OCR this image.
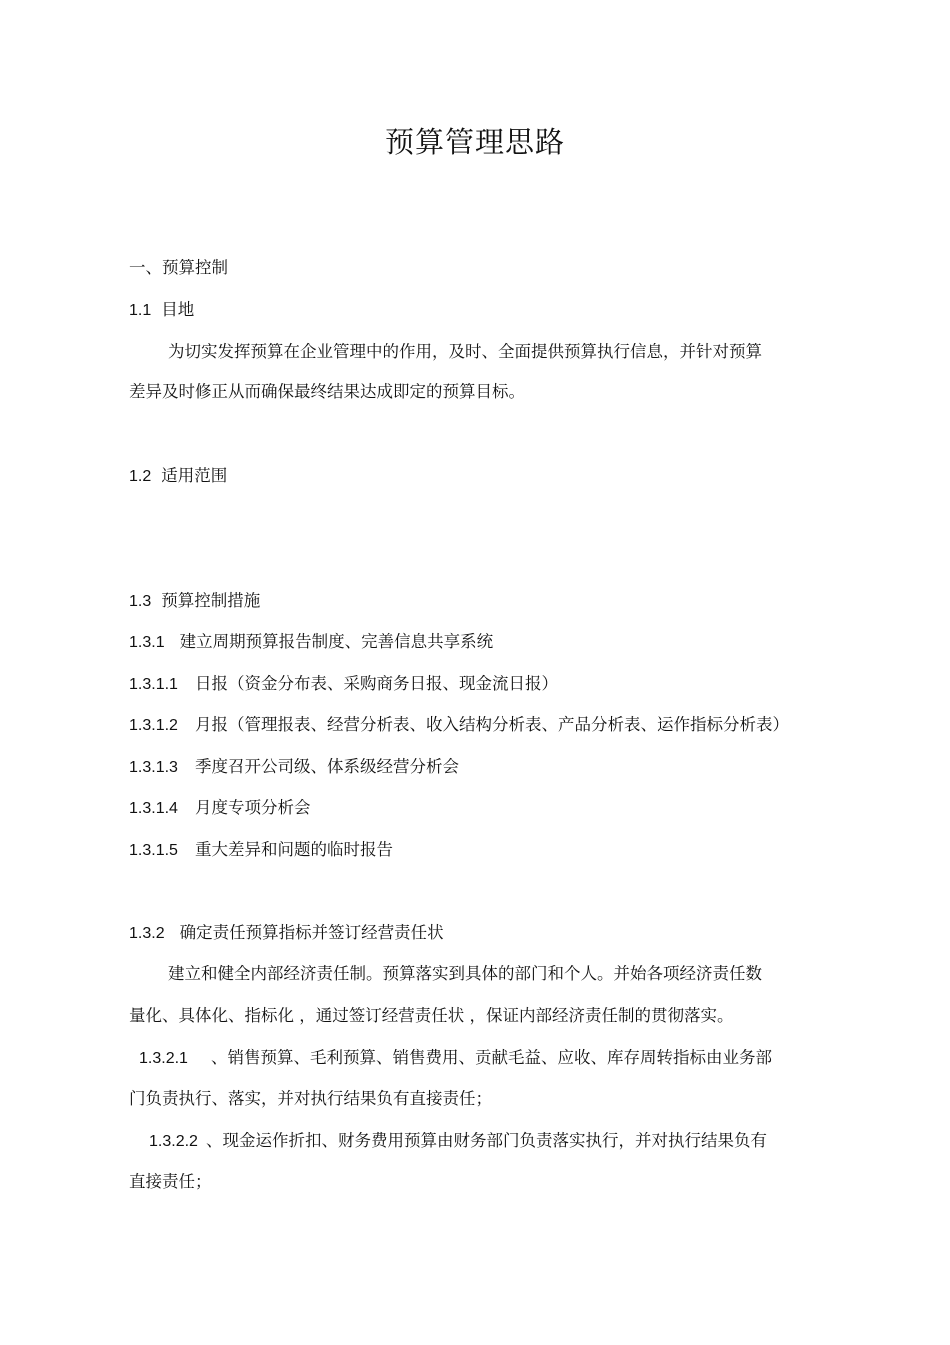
预算管理思路
一、预算控制
1.1 目地
为切实发挥预算在企业管理中的作用，及时、全面提供预算执行信息，并针对预算
差异及时修正从而确保最终结果达成即定的预算目标。
1.2 适用范围
1.3 预算控制措施
1.3.1 建立周期预算报告制度、完善信息共享系统
1.3.1.1 日报（资金分布表、采购商务日报、现金流日报）
1.3.1.2 月报（管理报表、经营分析表、收入结构分析表、产品分析表、运作指标分析表）
1.3.1.3 季度召开公司级、体系级经营分析会
1.3.1.4 月度专项分析会
1.3.1.5 重大差异和问题的临时报告
1.3.2 确定责任预算指标并签订经营责任状
建立和健全内部经济责任制。预算落实到具体的部门和个人。并始各项经济责任数
量化、具体化、指标化 ，通过签订经营责任状 ，保证内部经济责任制的贯彻落实。
1.3.2.1 、销售预算、毛利预算、销售费用、贡献毛益、应收、库存周转指标由业务部
门负责执行、落实，并对执行结果负有直接责任；
1.3.2.2 、现金运作折扣、财务费用预算由财务部门负责落实执行，并对执行结果负有
直接责任；
